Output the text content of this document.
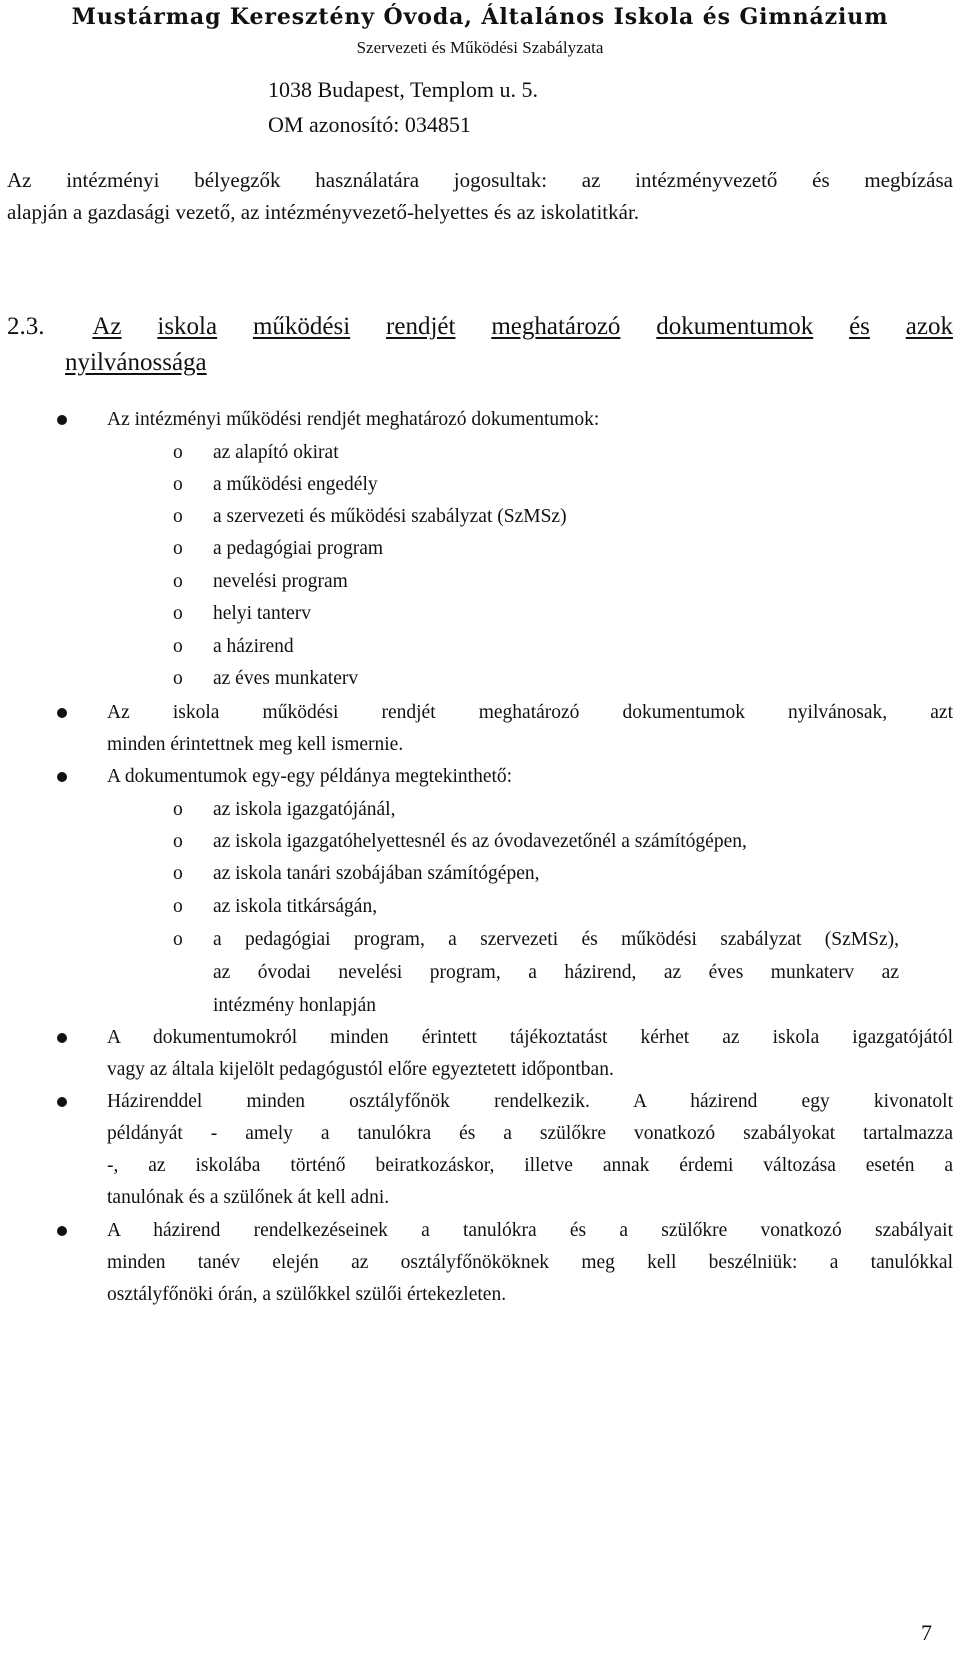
Mustármag Keresztény Óvoda, Általános Iskola és Gimnázium
Szervezeti és Működési Szabályzata
1038 Budapest, Templom u. 5.
OM azonosító: 034851
Az intézményi bélyegzők használatára jogosultak: az intézményvezető és megbízása
alapján a gazdasági vezető, az intézményvezető-helyettes és az iskolatitkár.
2.3. Az iskola működési rendjét meghatározó dokumentumok és azok
nyilvánossága
Az intézményi működési rendjét meghatározó dokumentumok:
o az alapító okirat
o a működési engedély
o a szervezeti és működési szabályzat (SzMSz)
o a pedagógiai program
o nevelési program
o helyi tanterv
o a házirend
o az éves munkaterv
Az iskola működési rendjét meghatározó dokumentumok nyilvánosak, azt
minden érintettnek meg kell ismernie.
A dokumentumok egy-egy példánya megtekinthető:
o az iskola igazgatójánál,
o az iskola igazgatóhelyettesnél és az óvodavezetőnél a számítógépen,
o az iskola tanári szobájában számítógépen,
o az iskola titkárságán,
o a pedagógiai program, a szervezeti és működési szabályzat (SzMSz),
az óvodai nevelési program, a házirend, az éves munkaterv az
intézmény honlapján
A dokumentumokról minden érintett tájékoztatást kérhet az iskola igazgatójától
vagy az általa kijelölt pedagógustól előre egyeztetett időpontban.
Házirenddel minden osztályfőnök rendelkezik. A házirend egy kivonatolt
példányát - amely a tanulókra és a szülőkre vonatkozó szabályokat tartalmazza
-, az iskolába történő beiratkozáskor, illetve annak érdemi változása esetén a
tanulónak és a szülőnek át kell adni.
A házirend rendelkezéseinek a tanulókra és a szülőkre vonatkozó szabályait
minden tanév elején az osztályfőnököknek meg kell beszélniük: a tanulókkal
osztályfőnöki órán, a szülőkkel szülői értekezleten.
7
